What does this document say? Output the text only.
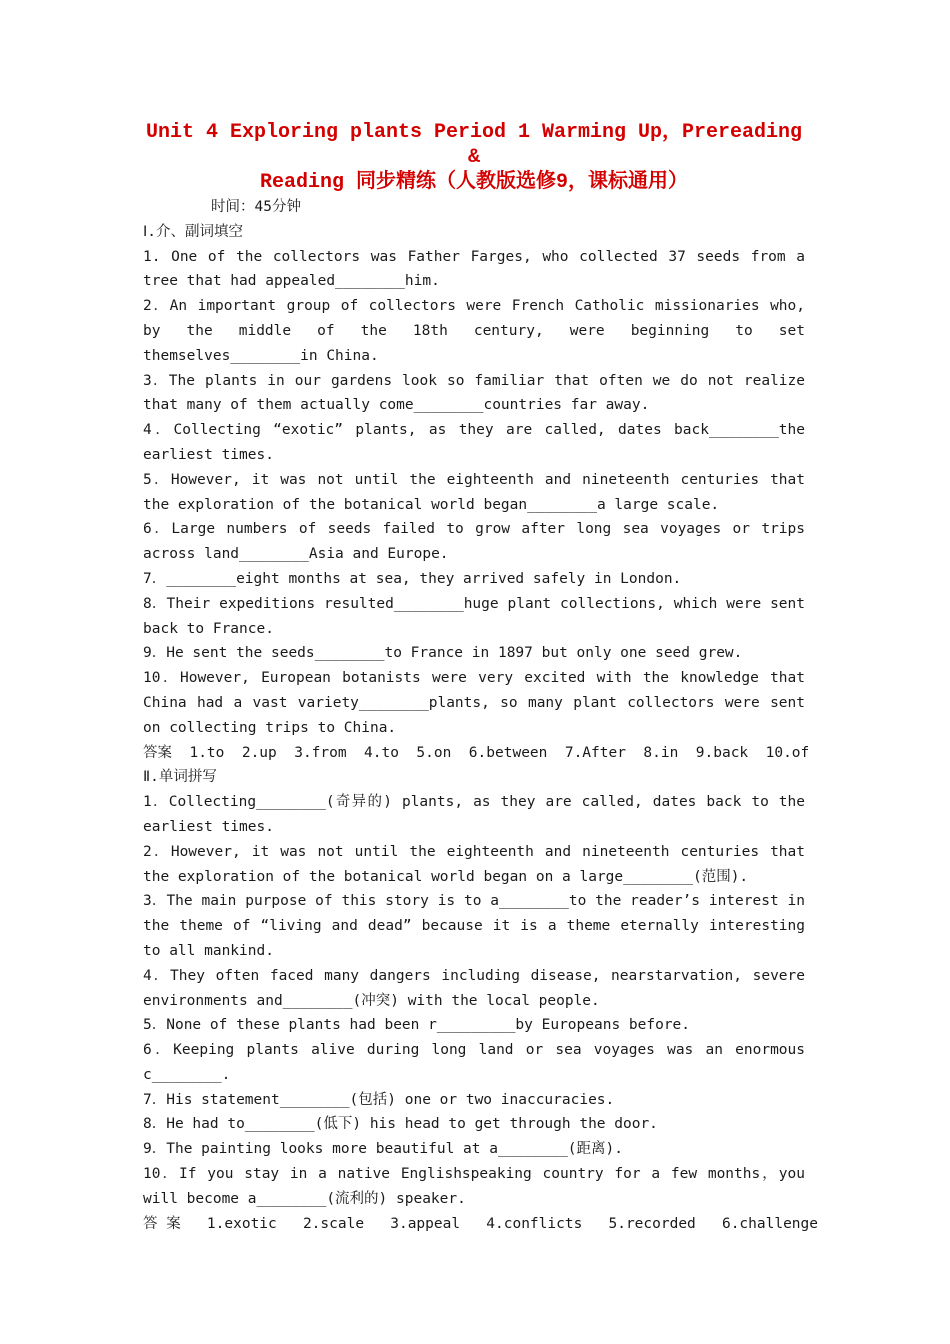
Unit 4 Exploring plants Period 1 Warming Up，Prereading &
Reading 同步精练（人教版选修9，课标通用）
时间：45分钟
Ⅰ.介、副词填空
1. One of the collectors was Father Farges, who collected 37 seeds from a tree that had appealed________him.
2．An important group of collectors were French Catholic missionaries who, by the middle of the 18th century, were beginning to set themselves________in China.
3．The plants in our gardens look so familiar that often we do not realize that many of them actually come________countries far away.
4．Collecting “exotic” plants, as they are called, dates back________the earliest times.
5．However, it was not until the eighteenth and nineteenth centuries that the exploration of the botanical world began________a large scale.
6．Large numbers of seeds failed to grow after long sea voyages or trips across land________Asia and Europe.
7．________eight months at sea, they arrived safely in London.
8．Their expeditions resulted________huge plant collections, which were sent back to France.
9．He sent the seeds________to France in 1897 but only one seed grew.
10．However, European botanists were very excited with the knowledge that China had a vast variety________plants, so many plant collectors were sent on collecting trips to China.
答案  1.to  2.up  3.from  4.to  5.on  6.between  7.After  8.in  9.back  10.of
Ⅱ.单词拼写
1．Collecting________(奇异的) plants, as they are called, dates back to the earliest times.
2．However, it was not until the eighteenth and nineteenth centuries that the exploration of the botanical world began on a large________(范围).
3．The main purpose of this story is to a________to the reader’s interest in the theme of “living and dead” because it is a theme eternally interesting to all mankind.
4．They often faced many dangers including disease, nearstarvation, severe environments and________(冲突) with the local people.
5．None of these plants had been r_________by Europeans before.
6．Keeping plants alive during long land or sea voyages was an enormous c________.
7．His statement________(包括) one or two inaccuracies.
8．He had to________(低下) his head to get through the door.
9．The painting looks more beautiful at a________(距离).
10．If you stay in a native Englishspeaking country for a few months，you will become a________(流利的) speaker.
答 案   1.exotic   2.scale   3.appeal   4.conflicts   5.recorded   6.challenge
